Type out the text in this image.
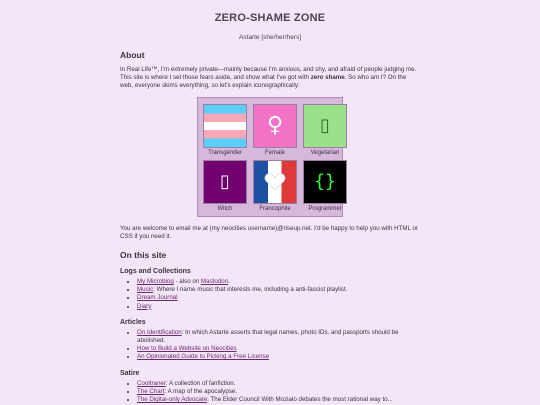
ZERO-SHAME ZONE
Astarte [she/her/hers]
About

In Real Life™, I'm extremely private—mainly because I'm anxious, and shy, and afraid of people judging me. This site is where I set those fears aside, and show what I've got with zero shame. So who am I? On the web, everyone skims everything, so let's explain iconographically:

Transgender
♀
Female
▯
Vegetarian
▯
Witch	Francophile
{}
Programmer

You are welcome to email me at (my neocities username)@riseup.net. I'd be happy to help you with HTML or CSS if you need it.

On this site
Logs and Collections
• My Microblog - also on Mastodon.
• Music: Where I name music that interests me, including a anti-fascist playlist.
• Dream Journal
• Diary
Articles
• On Identification: In which Astarte asserts that legal names, photo IDs, and passports should be abolished.
• How to Build a Website on Neocities
• An Opinionated Guide to Picking a Free License
Satire
• Cooltraner: A collection of fanfiction.
• The Chart: A map of the apocalypse.
• The Digital-only Advocate: The Elder Council With Mozialo debates the most rational way to...
